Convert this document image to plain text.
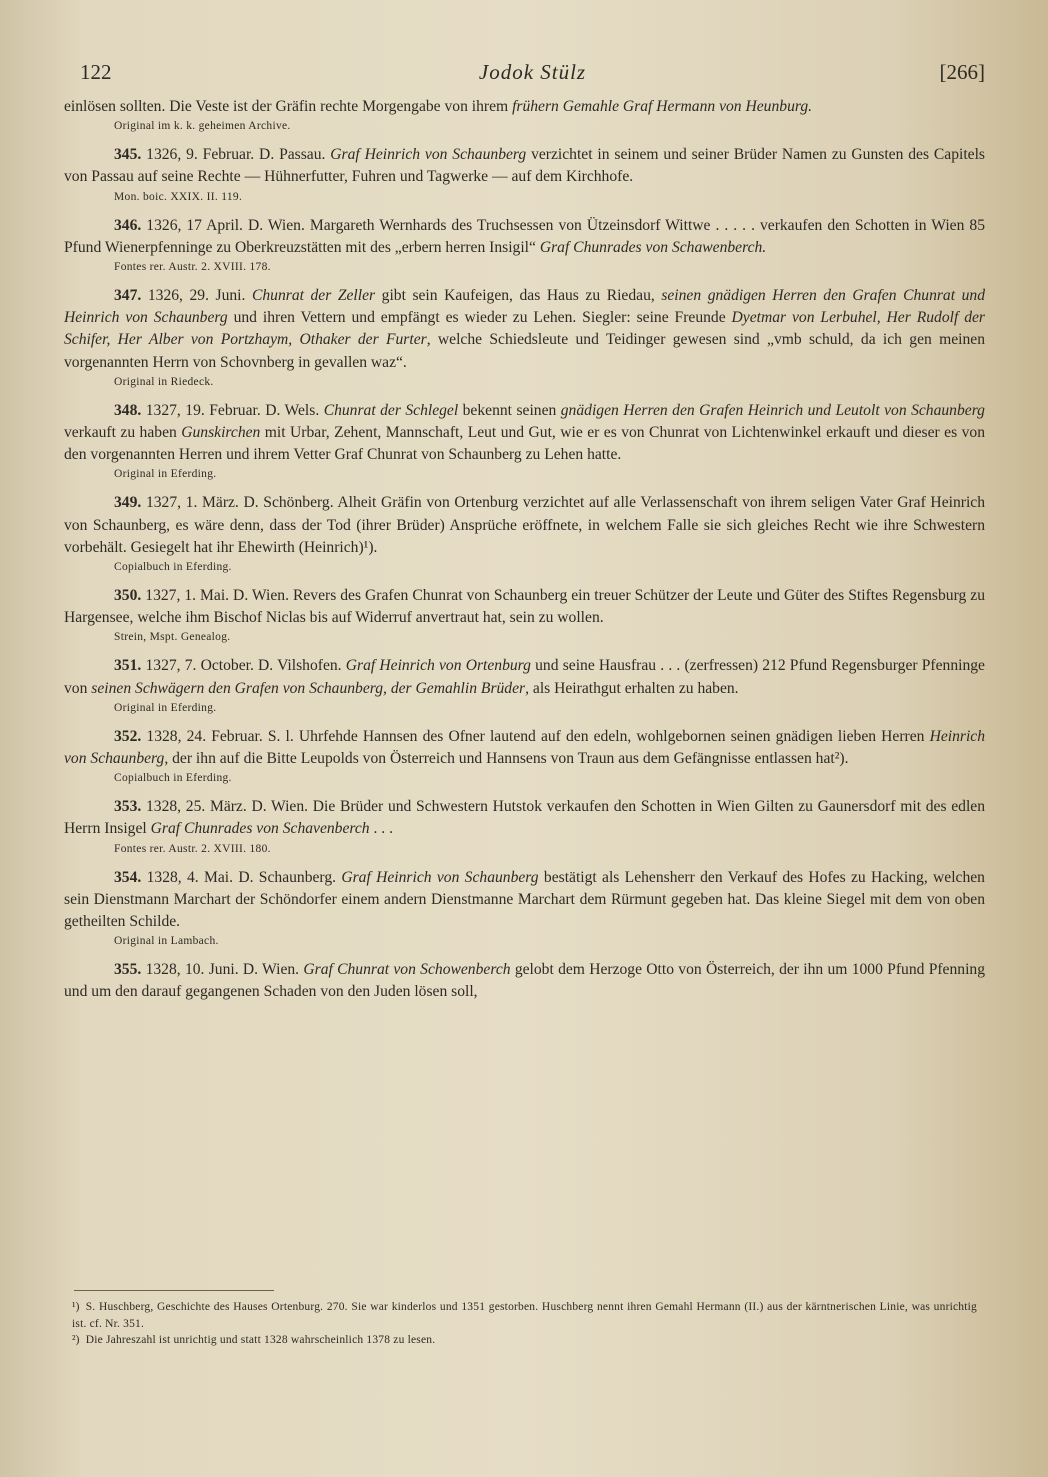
122	Jodok Stülz	[266]

einlösen sollten. Die Veste ist der Gräfin rechte Morgengabe von ihrem frühern Gemahle Graf Hermann von Heunburg.

Original im k. k. geheimen Archive.

345. 1326, 9. Februar. D. Passau. Graf Heinrich von Schaunberg verzichtet in seinem und seiner Brüder Namen zu Gunsten des Capitels von Passau auf seine Rechte — Hühnerfutter, Fuhren und Tagwerke — auf dem Kirchhofe.

Mon. boic. XXIX. II. 119.

346. 1326, 17 April. D. Wien. Margareth Wernhards des Truchsessen von Ützeinsdorf Wittwe . . . . . verkaufen den Schotten in Wien 85 Pfund Wienerpfenninge zu Oberkreuzstätten mit des „erbern herren Insigil“ Graf Chunrades von Schawenberch.

Fontes rer. Austr. 2. XVIII. 178.

347. 1326, 29. Juni. Chunrat der Zeller gibt sein Kaufeigen, das Haus zu Riedau, seinen gnädigen Herren den Grafen Chunrat und Heinrich von Schaunberg und ihren Vettern und empfängt es wieder zu Lehen. Siegler: seine Freunde Dyetmar von Lerbuhel, Her Rudolf der Schifer, Her Alber von Portzhaym, Othaker der Furter, welche Schiedsleute und Teidinger gewesen sind „vmb schuld, da ich gen meinen vorgenannten Herrn von Schovnberg in gevallen waz“.

Original in Riedeck.

348. 1327, 19. Februar. D. Wels. Chunrat der Schlegel bekennt seinen gnädigen Herren den Grafen Heinrich und Leutolt von Schaunberg verkauft zu haben Gunskirchen mit Urbar, Zehent, Mannschaft, Leut und Gut, wie er es von Chunrat von Lichtenwinkel erkauft und dieser es von den vorgenannten Herren und ihrem Vetter Graf Chunrat von Schaunberg zu Lehen hatte.

Original in Eferding.

349. 1327, 1. März. D. Schönberg. Alheit Gräfin von Ortenburg verzichtet auf alle Verlassenschaft von ihrem seligen Vater Graf Heinrich von Schaunberg, es wäre denn, dass der Tod (ihrer Brüder) Ansprüche eröffnete, in welchem Falle sie sich gleiches Recht wie ihre Schwestern vorbehält. Gesiegelt hat ihr Ehewirth (Heinrich)¹).

Copialbuch in Eferding.

350. 1327, 1. Mai. D. Wien. Revers des Grafen Chunrat von Schaunberg ein treuer Schützer der Leute und Güter des Stiftes Regensburg zu Hargensee, welche ihm Bischof Niclas bis auf Widerruf anvertraut hat, sein zu wollen.

Strein, Mspt. Genealog.

351. 1327, 7. October. D. Vilshofen. Graf Heinrich von Ortenburg und seine Hausfrau . . . (zerfressen) 212 Pfund Regensburger Pfenninge von seinen Schwägern den Grafen von Schaunberg, der Gemahlin Brüder, als Heirathgut erhalten zu haben.

Original in Eferding.

352. 1328, 24. Februar. S. l. Uhrfehde Hannsen des Ofner lautend auf den edeln, wohlgebornen seinen gnädigen lieben Herren Heinrich von Schaunberg, der ihn auf die Bitte Leupolds von Österreich und Hannsens von Traun aus dem Gefängnisse entlassen hat²).

Copialbuch in Eferding.

353. 1328, 25. März. D. Wien. Die Brüder und Schwestern Hutstok verkaufen den Schotten in Wien Gilten zu Gaunersdorf mit des edlen Herrn Insigel Graf Chunrades von Schavenberch . . .

Fontes rer. Austr. 2. XVIII. 180.

354. 1328, 4. Mai. D. Schaunberg. Graf Heinrich von Schaunberg bestätigt als Lehensherr den Verkauf des Hofes zu Hacking, welchen sein Dienstmann Marchart der Schöndorfer einem andern Dienstmanne Marchart dem Rürmunt gegeben hat. Das kleine Siegel mit dem von oben getheilten Schilde.

Original in Lambach.

355. 1328, 10. Juni. D. Wien. Graf Chunrat von Schowenberch gelobt dem Herzoge Otto von Österreich, der ihn um 1000 Pfund Pfenning und um den darauf gegangenen Schaden von den Juden lösen soll,

¹) S. Huschberg, Geschichte des Hauses Ortenburg. 270. Sie war kinderlos und 1351 gestorben. Huschberg nennt ihren Gemahl Hermann (II.) aus der kärntnerischen Linie, was unrichtig ist. cf. Nr. 351.

²) Die Jahreszahl ist unrichtig und statt 1328 wahrscheinlich 1378 zu lesen.
